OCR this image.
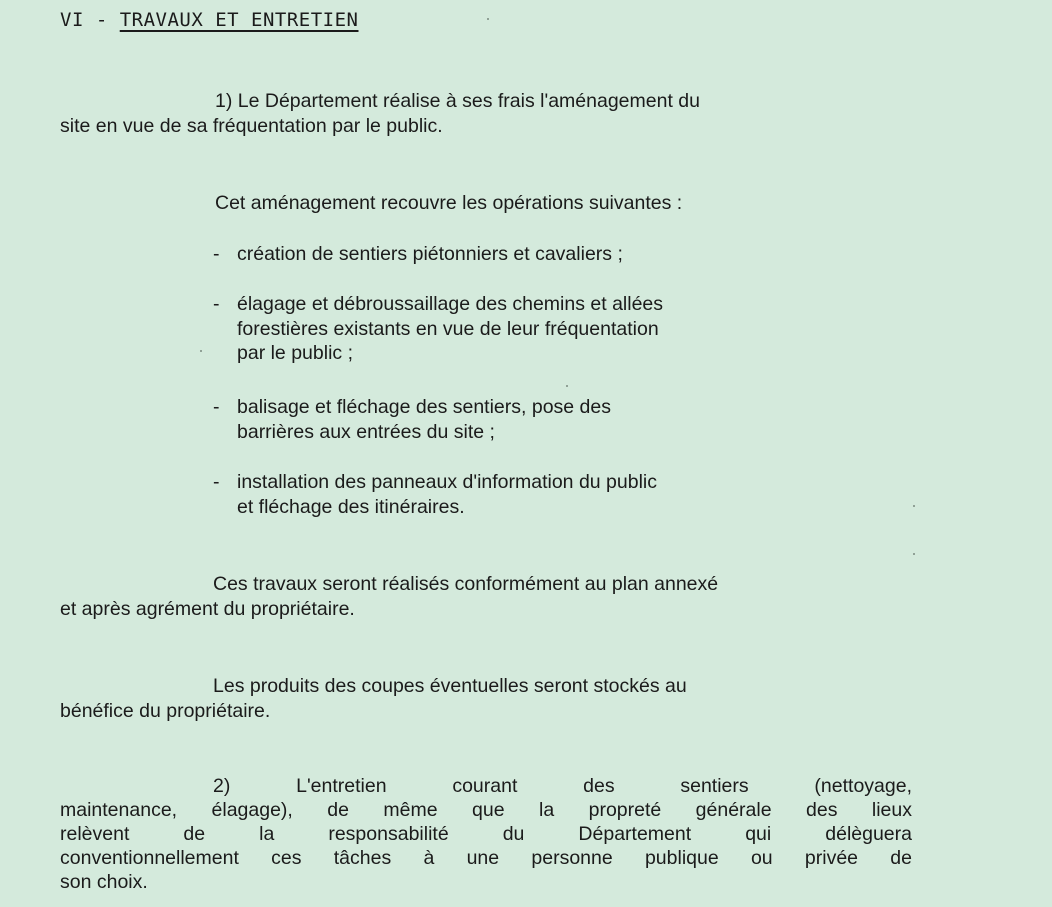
VI - TRAVAUX ET ENTRETIEN
1) Le Département réalise à ses frais l'aménagement du
site en vue de sa fréquentation par le public.
Cet aménagement recouvre les opérations suivantes :
- création de sentiers piétonniers et cavaliers ;
- élagage et débroussaillage des chemins et allées
forestières existants en vue de leur fréquentation
par le public ;
- balisage et fléchage des sentiers, pose des
barrières aux entrées du site ;
- installation des panneaux d'information du public
et fléchage des itinéraires.
Ces travaux seront réalisés conformément au plan annexé
et après agrément du propriétaire.
Les produits des coupes éventuelles seront stockés au
bénéfice du propriétaire.
2) L'entretien courant des sentiers (nettoyage,
maintenance, élagage), de même que la propreté générale des lieux
relèvent de la responsabilité du Département qui délèguera
conventionnellement ces tâches à une personne publique ou privée de
son choix.
